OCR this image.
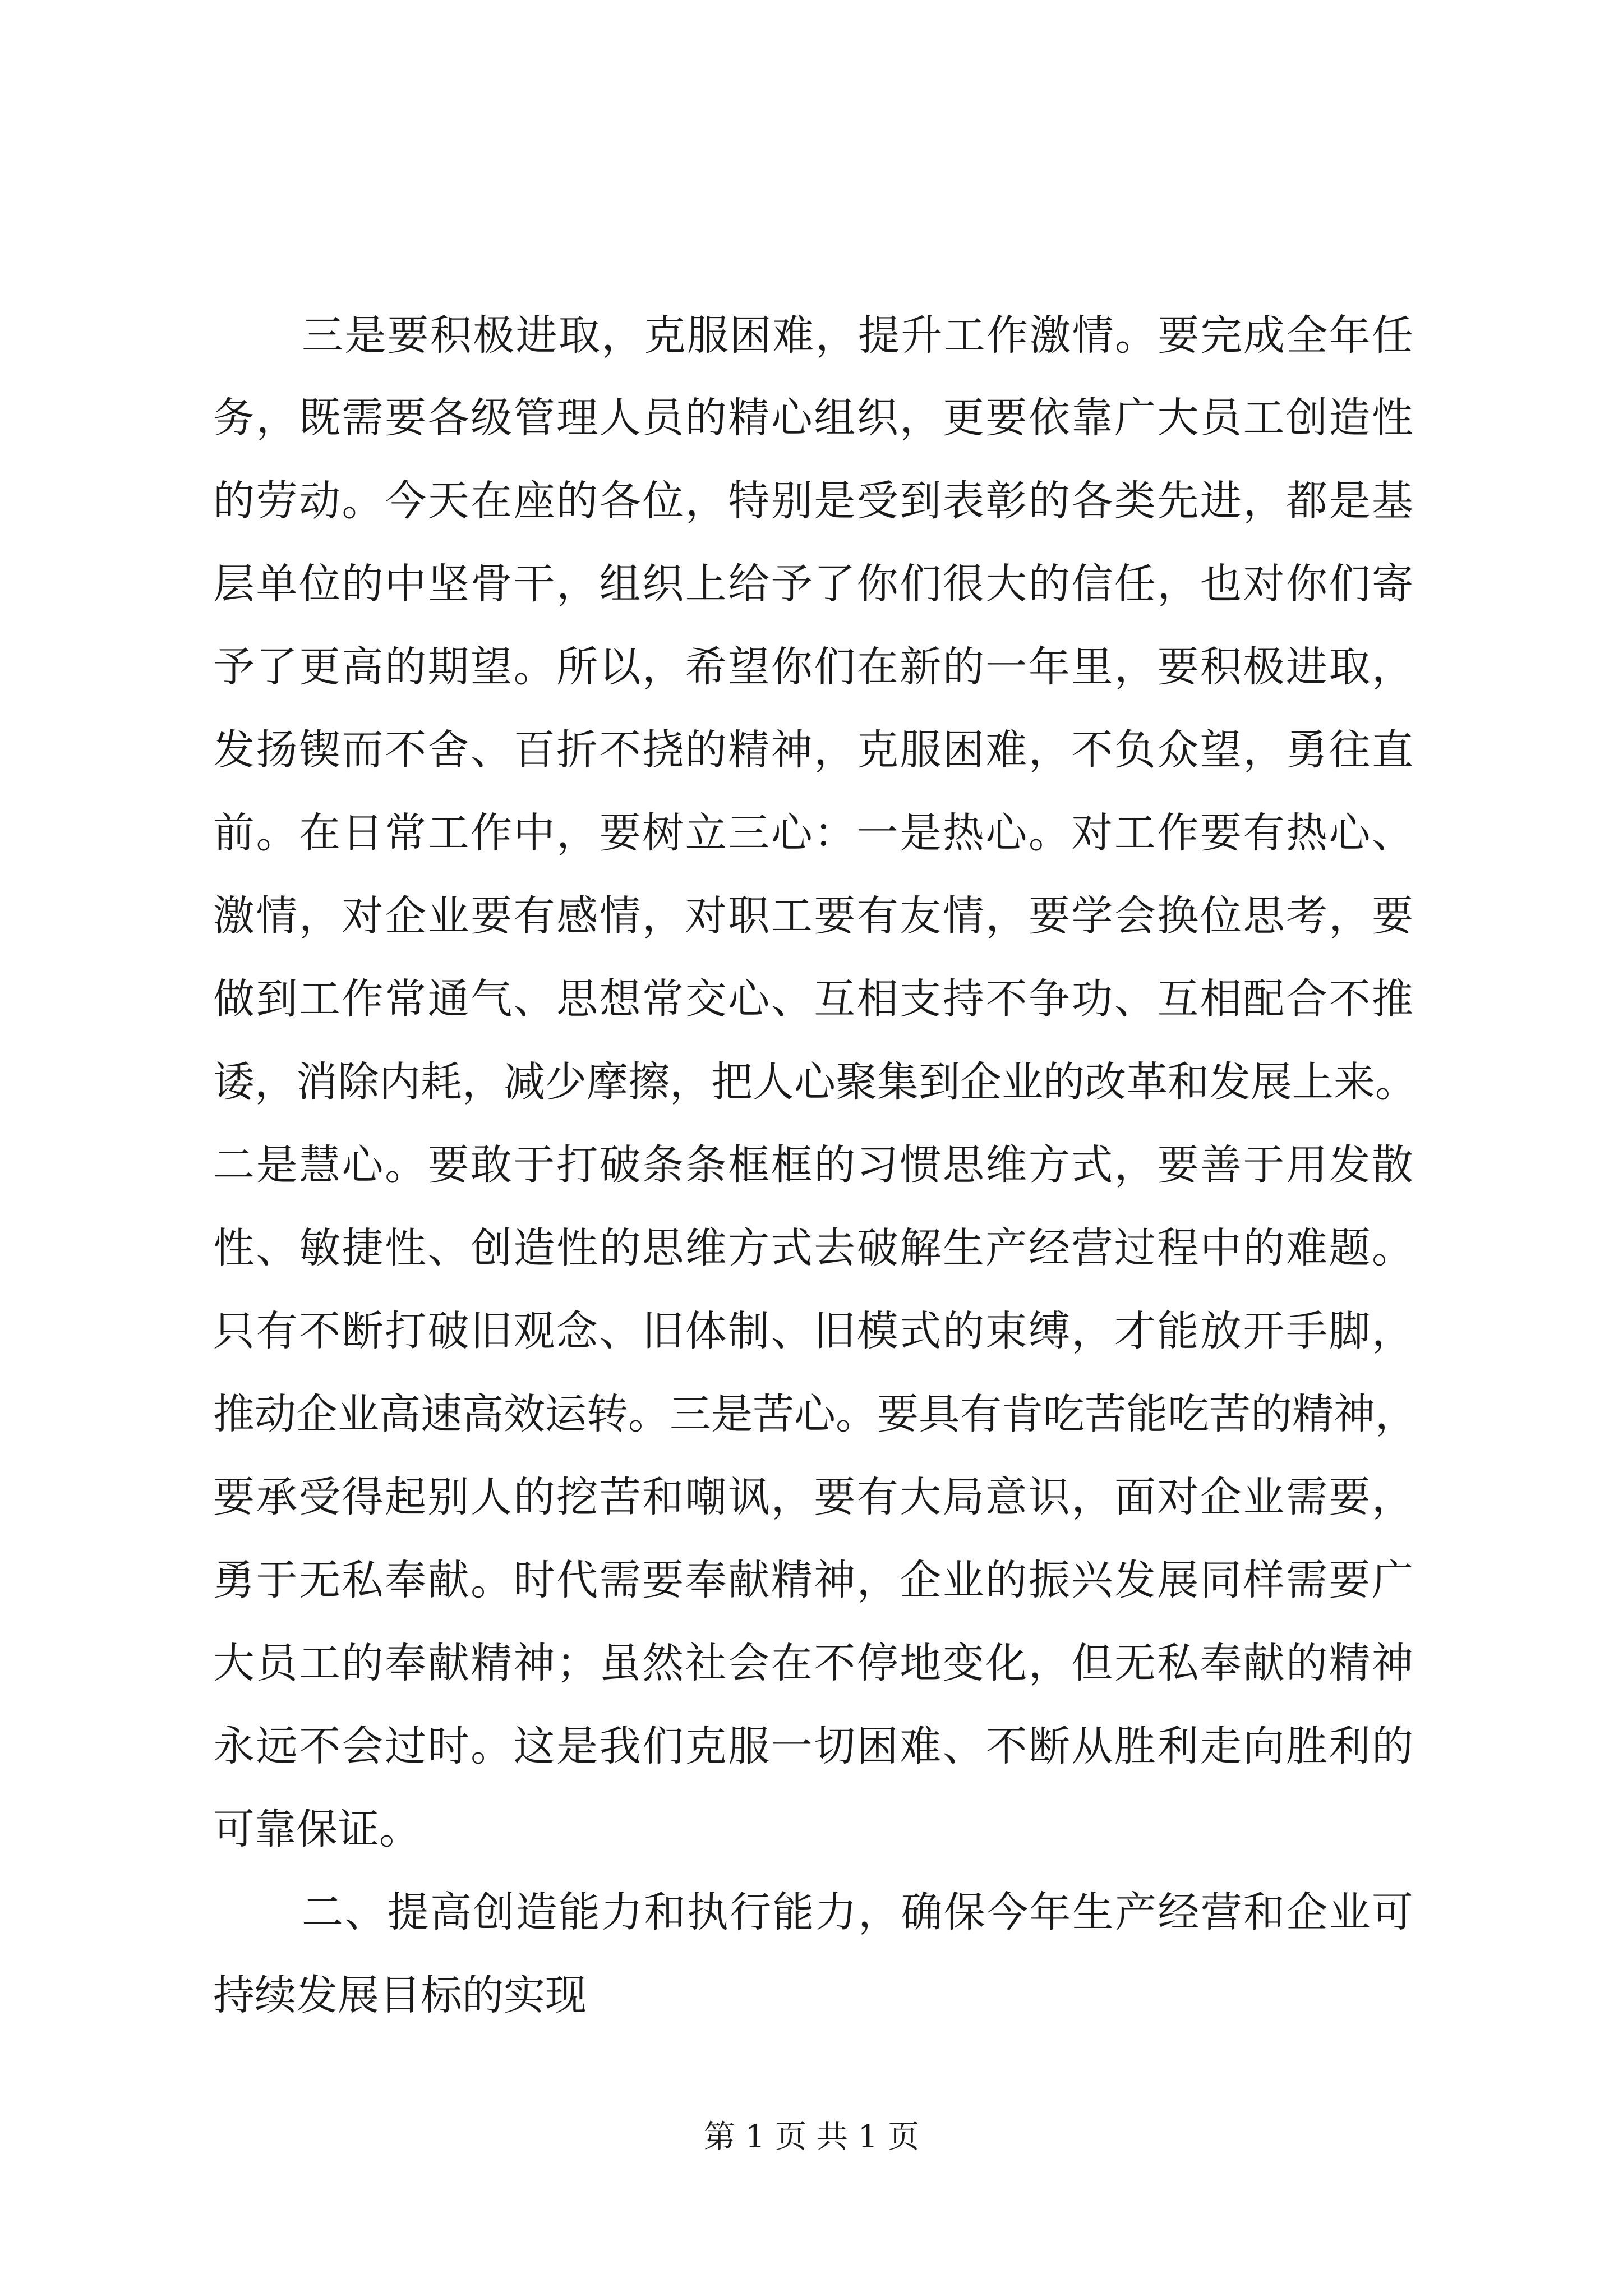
三是要积极进取，克服困难，提升工作激情。要完成全年任
务，既需要各级管理人员的精心组织，更要依靠广大员工创造性
的劳动。今天在座的各位，特别是受到表彰的各类先进，都是基
层单位的中坚骨干，组织上给予了你们很大的信任，也对你们寄
予了更高的期望。所以，希望你们在新的一年里，要积极进取，
发扬锲而不舍、百折不挠的精神，克服困难，不负众望，勇往直
前。在日常工作中，要树立三心：一是热心。对工作要有热心、
激情，对企业要有感情，对职工要有友情，要学会换位思考，要
做到工作常通气、思想常交心、互相支持不争功、互相配合不推
诿，消除内耗，减少摩擦，把人心聚集到企业的改革和发展上来。
二是慧心。要敢于打破条条框框的习惯思维方式，要善于用发散
性、敏捷性、创造性的思维方式去破解生产经营过程中的难题。
只有不断打破旧观念、旧体制、旧模式的束缚，才能放开手脚，
推动企业高速高效运转。三是苦心。要具有肯吃苦能吃苦的精神，
要承受得起别人的挖苦和嘲讽，要有大局意识，面对企业需要，
勇于无私奉献。时代需要奉献精神，企业的振兴发展同样需要广
大员工的奉献精神；虽然社会在不停地变化，但无私奉献的精神
永远不会过时。这是我们克服一切困难、不断从胜利走向胜利的
可靠保证。
二、提高创造能力和执行能力，确保今年生产经营和企业可
持续发展目标的实现
第 1 页 共 1 页
